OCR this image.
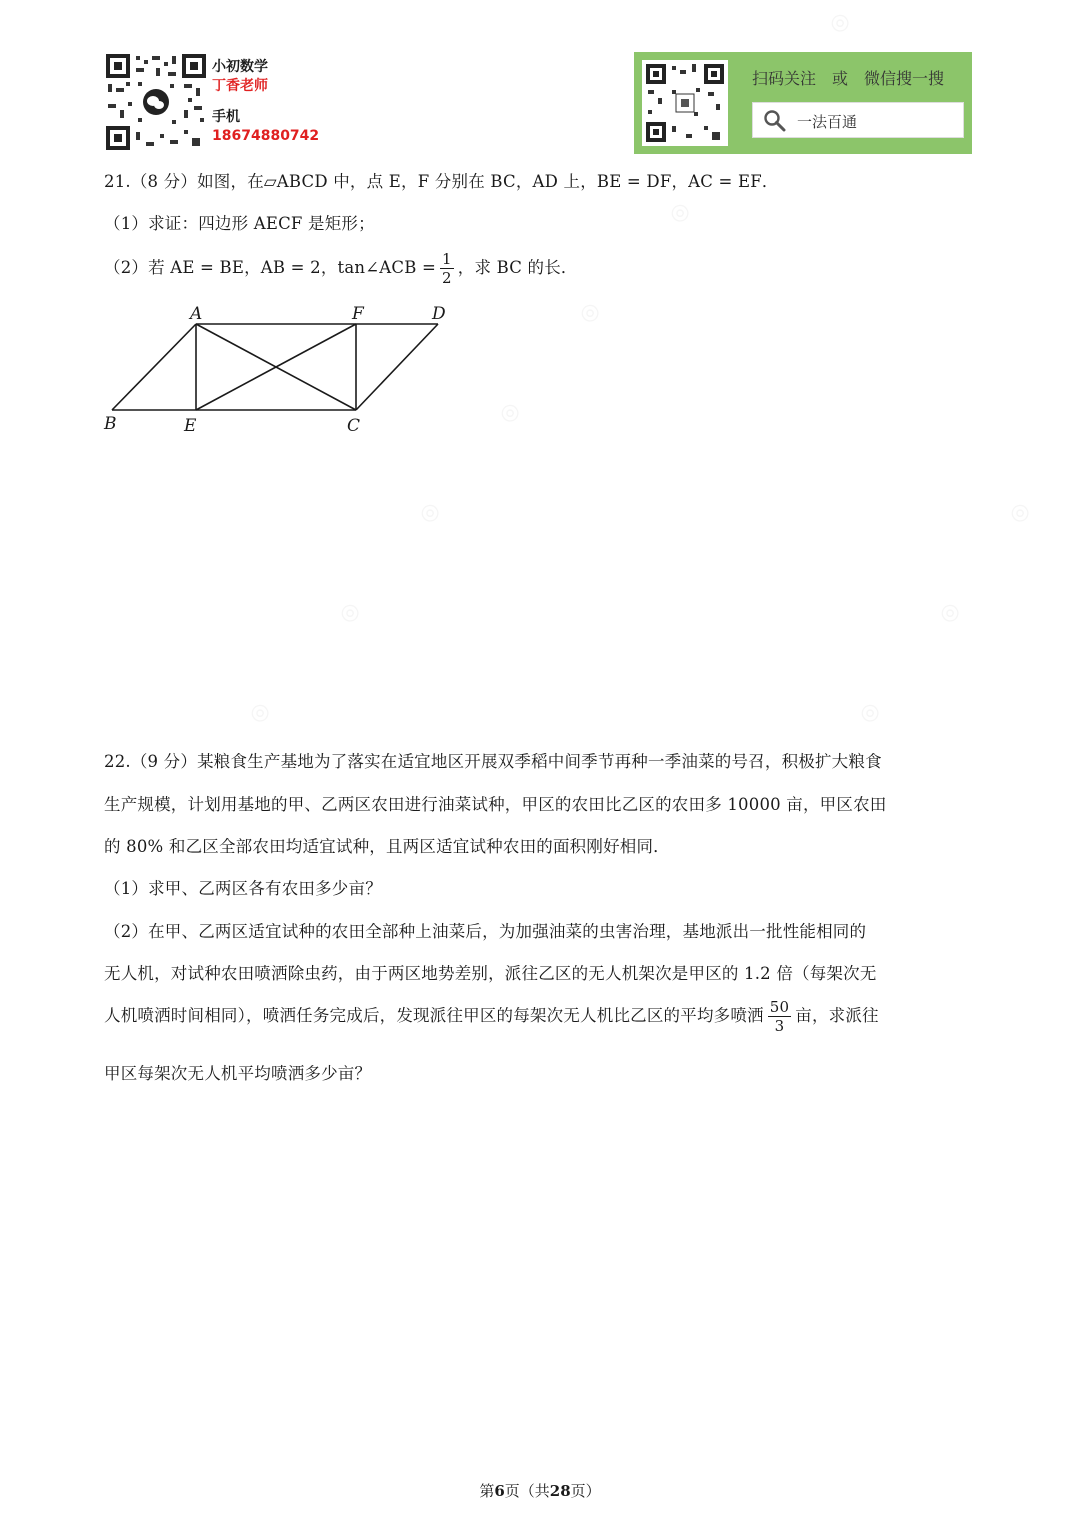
◎
◎
◎
◎
◎	◎
◎	◎
◎
◎
小初数学
丁香老师
手机
18674880742
扫码关注　或　微信搜一搜
一法百通
21.（8 分）如图，在▱ABCD 中，点 E，F 分别在 BC，AD 上，BE = DF，AC = EF．
（1）求证：四边形 AECF 是矩形；
（2）若 AE = BE，AB = 2，tan∠ACB = $\frac{1}{2}$ ，求 BC 的长．
A	F	D
B	E	C
22.（9 分）某粮食生产基地为了落实在适宜地区开展双季稻中间季节再种一季油菜的号召，积极扩大粮食
生产规模，计划用基地的甲、乙两区农田进行油菜试种，甲区的农田比乙区的农田多 10000 亩，甲区农田
的 80% 和乙区全部农田均适宜试种，且两区适宜试种农田的面积刚好相同．
（1）求甲、乙两区各有农田多少亩？
（2）在甲、乙两区适宜试种的农田全部种上油菜后，为加强油菜的虫害治理，基地派出一批性能相同的
无人机，对试种农田喷洒除虫药，由于两区地势差别，派往乙区的无人机架次是甲区的 1.2 倍（每架次无
人机喷洒时间相同），喷洒任务完成后，发现派往甲区的每架次无人机比乙区的平均多喷洒 $\frac{50}{3}$ 亩，求派往
甲区每架次无人机平均喷洒多少亩？
第6页（共28页）
